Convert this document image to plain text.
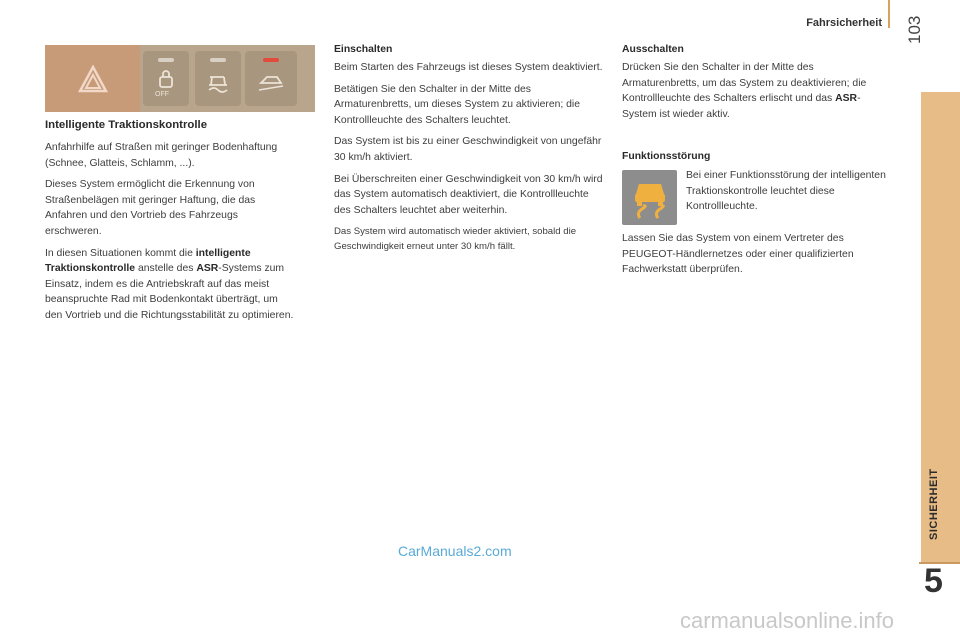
Fahrsicherheit 103
SICHERHEIT
5
OFF
Intelligente Traktionskontrolle

Anfahrhilfe auf Straßen mit geringer Bodenhaftung (Schnee, Glatteis, Schlamm, ...).

Dieses System ermöglicht die Erkennung von Straßenbelägen mit geringer Haftung, die das Anfahren und den Vortrieb des Fahrzeugs erschweren.

In diesen Situationen kommt die intelligente Traktionskontrolle anstelle des ASR-Systems zum Einsatz, indem es die Antriebskraft auf das meist beanspruchte Rad mit Bodenkontakt überträgt, um den Vortrieb und die Richtungsstabilität zu optimieren.

Einschalten

Beim Starten des Fahrzeugs ist dieses System deaktiviert.

Betätigen Sie den Schalter in der Mitte des Armaturenbretts, um dieses System zu aktivieren; die Kontrollleuchte des Schalters leuchtet.

Das System ist bis zu einer Geschwindigkeit von ungefähr 30 km/h aktiviert.

Bei Überschreiten einer Geschwindigkeit von 30 km/h wird das System automatisch deaktiviert, die Kontrollleuchte des Schalters leuchtet aber weiterhin.

Das System wird automatisch wieder aktiviert, sobald die Geschwindigkeit erneut unter 30 km/h fällt.

Ausschalten

Drücken Sie den Schalter in der Mitte des Armaturenbretts, um das System zu deaktivieren; die Kontrollleuchte des Schalters erlischt und das ASR-System ist wieder aktiv.

Funktionsstörung

Bei einer Funktionsstörung der intelligenten Traktionskontrolle leuchtet diese Kontrollleuchte.

Lassen Sie das System von einem Vertreter des PEUGEOT-Händlernetzes oder einer qualifizierten Fachwerkstatt überprüfen.

CarManuals2.com
carmanualsonline.info
